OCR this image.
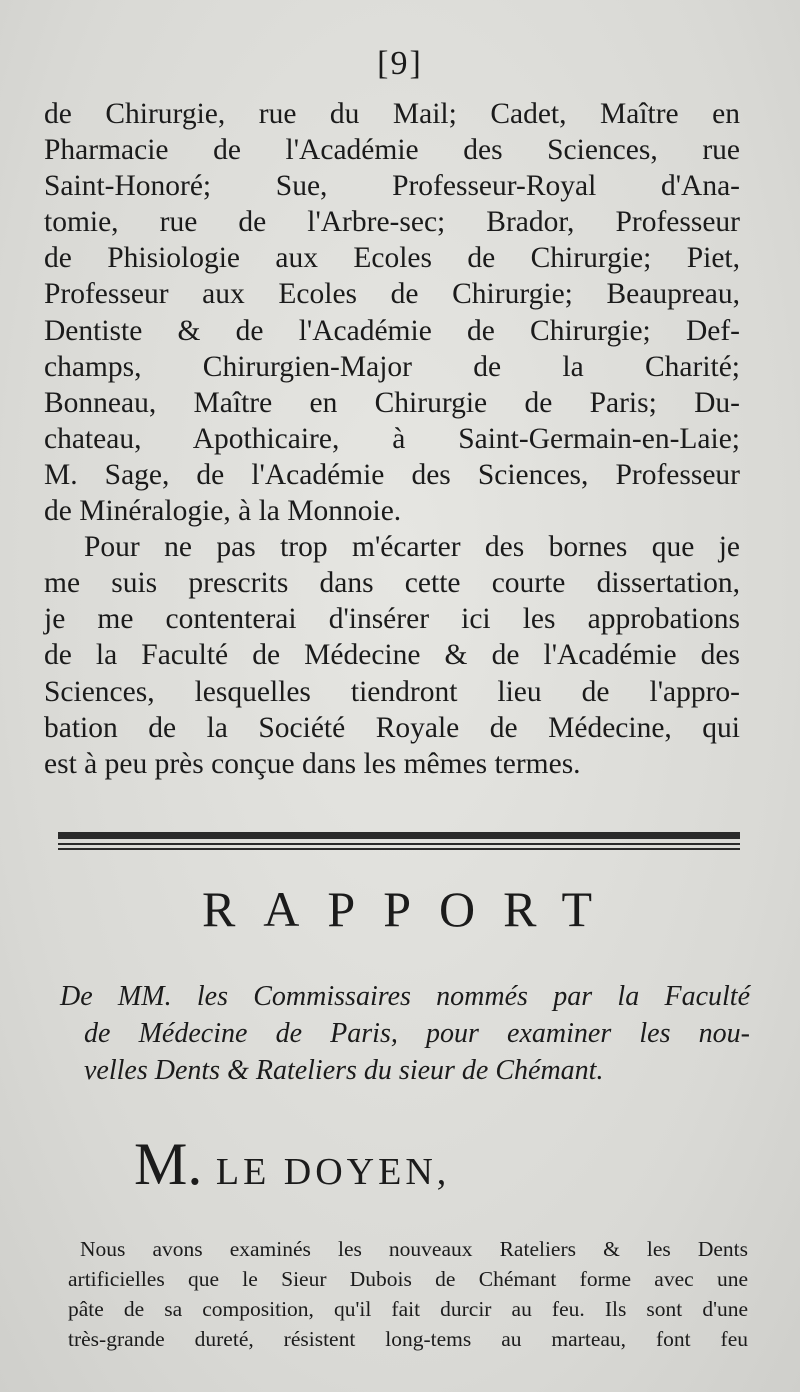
[9]
de Chirurgie, rue du Mail; Cadet, Maître en
Pharmacie de l'Académie des Sciences, rue
Saint-Honoré; Sue, Professeur-Royal d'Ana-
tomie, rue de l'Arbre-sec; Brador, Professeur
de Phisiologie aux Ecoles de Chirurgie; Piet,
Professeur aux Ecoles de Chirurgie; Beaupreau,
Dentiste & de l'Académie de Chirurgie; Def-
champs, Chirurgien-Major de la Charité;
Bonneau, Maître en Chirurgie de Paris; Du-
chateau, Apothicaire, à Saint-Germain-en-Laie;
M. Sage, de l'Académie des Sciences, Professeur
de Minéralogie, à la Monnoie.
Pour ne pas trop m'écarter des bornes que je
me suis prescrits dans cette courte dissertation,
je me contenterai d'insérer ici les approbations
de la Faculté de Médecine & de l'Académie des
Sciences, lesquelles tiendront lieu de l'appro-
bation de la Société Royale de Médecine, qui
est à peu près conçue dans les mêmes termes.
RAPPORT
De MM. les Commissaires nommés par la Faculté
de Médecine de Paris, pour examiner les nou-
velles Dents & Rateliers du sieur de Chémant.
M. LE DOYEN,
Nous avons examinés les nouveaux Rateliers & les Dents
artificielles que le Sieur Dubois de Chémant forme avec une
pâte de sa composition, qu'il fait durcir au feu. Ils sont d'une
très-grande dureté, résistent long-tems au marteau, font feu
